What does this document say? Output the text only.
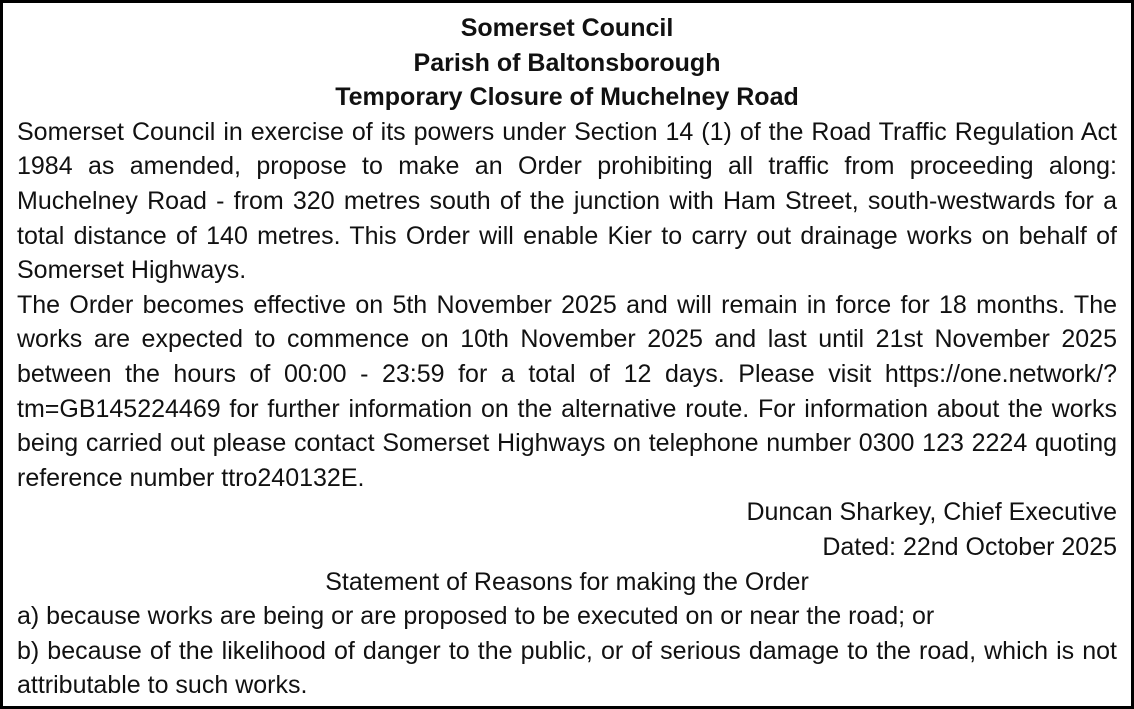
Somerset Council
Parish of Baltonsborough
Temporary Closure of Muchelney Road

Somerset Council in exercise of its powers under Section 14 (1) of the Road Traffic Regulation Act 1984 as amended, propose to make an Order prohibiting all traffic from proceeding along: Muchelney Road - from 320 metres south of the junction with Ham Street, south-westwards for a total distance of 140 metres. This Order will enable Kier to carry out drainage works on behalf of Somerset Highways.

The Order becomes effective on 5th November 2025 and will remain in force for 18 months. The works are expected to commence on 10th November 2025 and last until 21st November 2025 between the hours of 00:00 - 23:59 for a total of 12 days. Please visit https://one.network/?tm=GB145224469 for further information on the alternative route. For information about the works being carried out please contact Somerset Highways on telephone number 0300 123 2224 quoting reference number ttro240132E.

Duncan Sharkey, Chief Executive
Dated: 22nd October 2025
Statement of Reasons for making the Order
a) because works are being or are proposed to be executed on or near the road; or
b) because of the likelihood of danger to the public, or of serious damage to the road, which is not attributable to such works.
